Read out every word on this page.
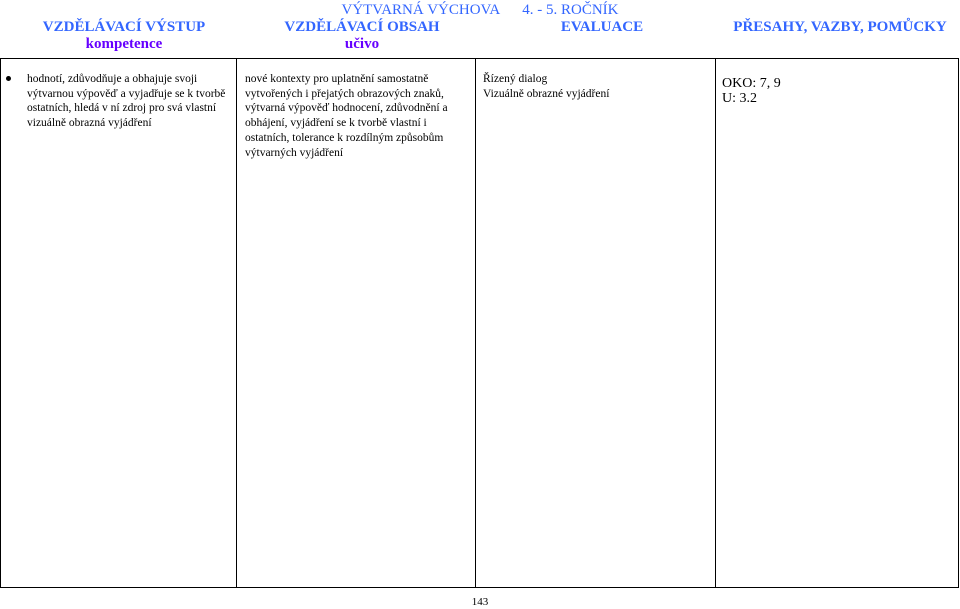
VÝTVARNÁ VÝCHOVA 4. - 5. ROČNÍK
VZDĚLÁVACÍ VÝSTUP
kompetence
VZDĚLÁVACÍ OBSAH
učivo
EVALUACE	PŘESAHY, VAZBY, POMŮCKY
hodnotí, zdůvodňuje a obhajuje svoji výtvarnou výpověď a vyjadřuje se k tvorbě ostatních, hledá v ní zdroj pro svá vlastní vizuálně obrazná vyjádření
nové kontexty pro uplatnění samostatně vytvořených i přejatých obrazových znaků, výtvarná výpověď hodnocení, zdůvodnění a obhájení, vyjádření se k tvorbě vlastní i ostatních, tolerance k rozdílným způsobům výtvarných vyjádření
Řízený dialog
Vizuálně obrazné vyjádření
OKO: 7, 9
U: 3.2
143
